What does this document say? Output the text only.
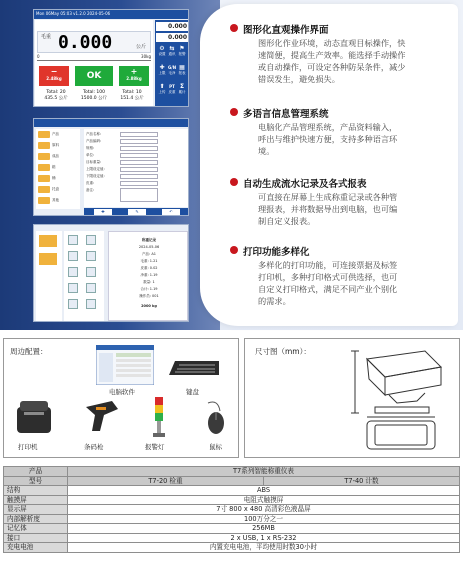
Mon 06May 05:03 v1.2.0 2024-05-06
毛重 0.000	公斤
0	30kg
−
2.48kg	OK	+
2.88kg
Total: 20
435.5 公斤
Total: 100
1500.0 公斤
Total: 10
151.4 公斤
0.000
0.000
⚙
设置
⇆
通讯
⚑
报警
✚
上限
G/N
毛净
▦
报表
⬆
上传
PT
皮重
Σ
累计
产品
原料
成品
箱
桶
托盘
其他
产品名称:
产品编码:
规格:
单位:
目标重量:
上限设定值:
下限设定值:
皮重:
备注:
✚	✎	↶
称重记录
2024-05-06
产品: A1
毛重: 1.21
皮重: 0.02
净重: 1.19
数量: 1
合计: 1.19
操作员: 001
2000 kg
图形化直观操作界面
图形化作业环境，动态直观目标操作，快
速简便，提高生产效率。能选择手动操作
或自动操作，可设定各种防呆条件，减少
错误发生，避免损失。
多语言信息管理系统
电脑化产品管理系统，产品资料输入，
呼出与维护快速方便，支持多种语言环
境。
自动生成流水记录及各式报表
可直接在屏幕上生成称重记录或各种管
理报表，并将数据导出到电脑，也可编
制自定义报表。
打印功能多样化
多样化的打印功能，可连接票据及标签
打印机，多种打印格式可供选择，也可
自定义打印格式，满足不同产业个别化
的需求。
周边配置：
电脑软件	键盘
打印机	条码枪	报警灯	鼠标
尺寸图（mm）：
产品	T7系列智能称重仪表	
型号	T7-20 检重	T7-40 计数
结构	ABS	
触摸屏	电阻式触摸屏	
显示屏	7寸 800 x 480 高清彩色液晶屏	
内部解析度	100万分之一	
记忆体	256MB	
接口	2 x USB, 1 x RS-232	
充电电池	内置充电电池，平均使用时数30小时	
